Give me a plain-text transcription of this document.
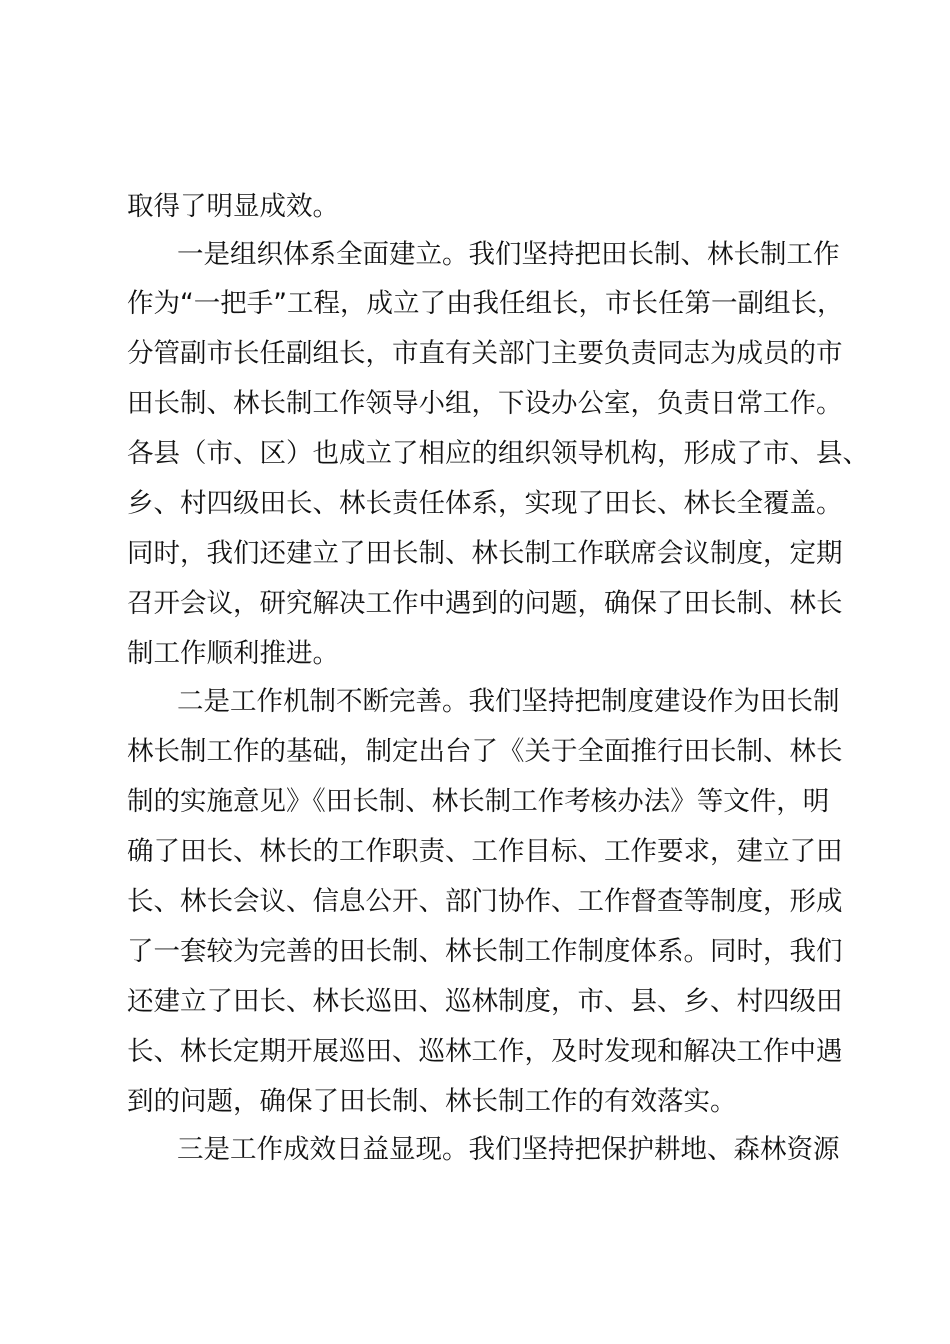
取得了明显成效。
一是组织体系全面建立。我们坚持把田长制、林长制工作
作为“一把手”工程，成立了由我任组长，市长任第一副组长，
分管副市长任副组长，市直有关部门主要负责同志为成员的市
田长制、林长制工作领导小组，下设办公室，负责日常工作。
各县（市、区）也成立了相应的组织领导机构，形成了市、县、
乡、村四级田长、林长责任体系，实现了田长、林长全覆盖。
同时，我们还建立了田长制、林长制工作联席会议制度，定期
召开会议，研究解决工作中遇到的问题，确保了田长制、林长
制工作顺利推进。
二是工作机制不断完善。我们坚持把制度建设作为田长制
林长制工作的基础，制定出台了《关于全面推行田长制、林长
制的实施意见》《田长制、林长制工作考核办法》等文件，明
确了田长、林长的工作职责、工作目标、工作要求，建立了田
长、林长会议、信息公开、部门协作、工作督查等制度，形成
了一套较为完善的田长制、林长制工作制度体系。同时，我们
还建立了田长、林长巡田、巡林制度，市、县、乡、村四级田
长、林长定期开展巡田、巡林工作，及时发现和解决工作中遇
到的问题，确保了田长制、林长制工作的有效落实。
三是工作成效日益显现。我们坚持把保护耕地、森林资源
